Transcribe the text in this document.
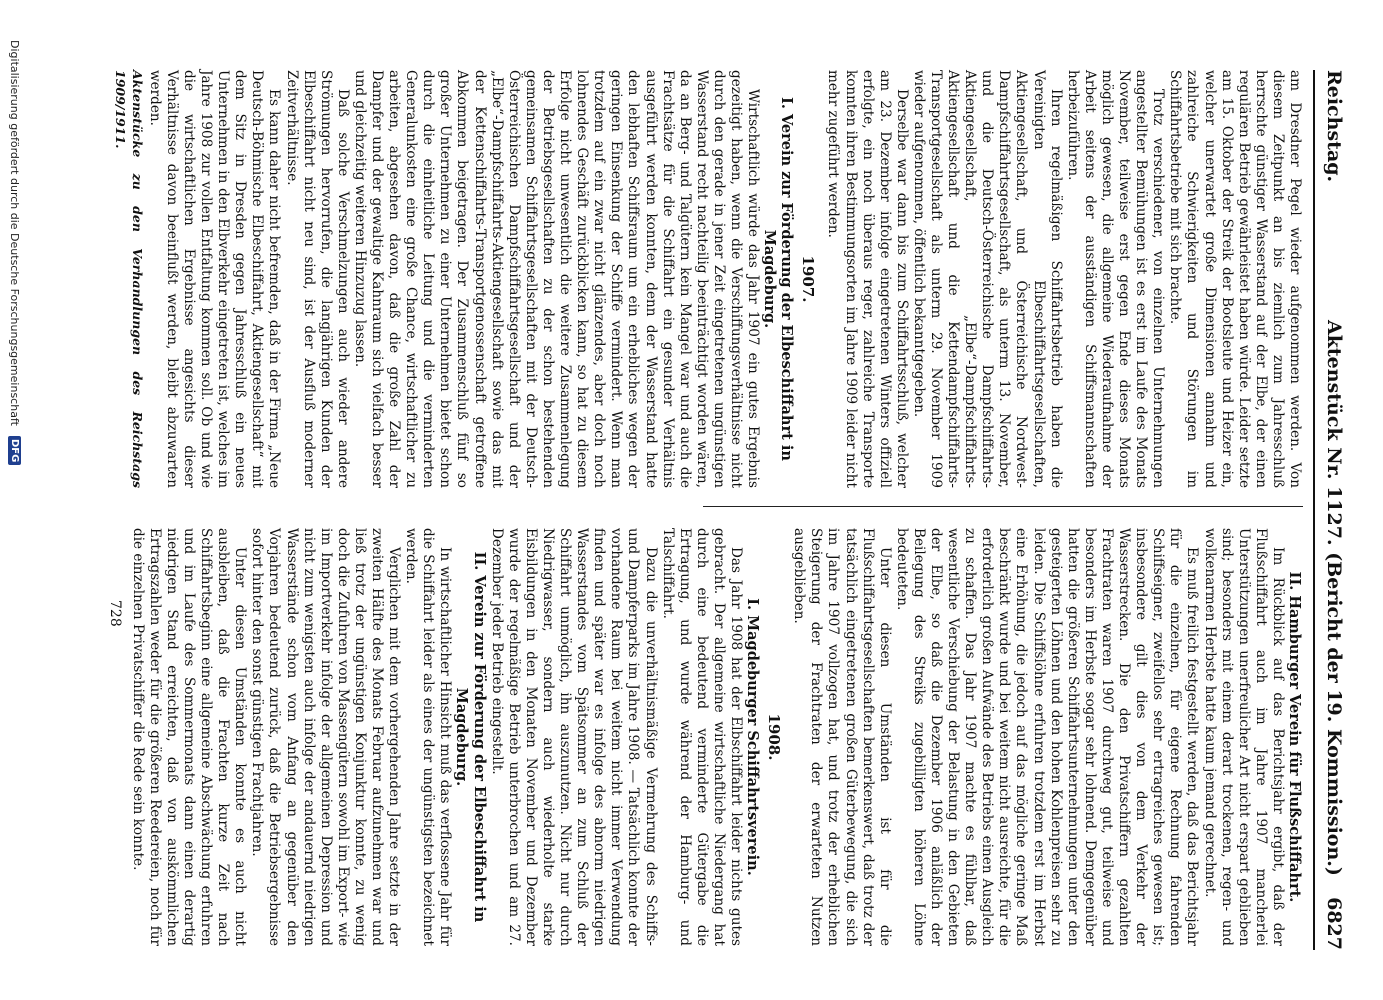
Reichstag.
Aktenstück Nr. 1127. (Bericht der 19. Kommission.)
6827

am Dresdner Pegel wieder aufgenommen werden. Von diesem Zeitpunkt an bis ziemlich zum Jahresschluß herrschte günstiger Wasserstand auf der Elbe, der einen regulären Betrieb gewährleistet haben würde. Leider setzte am 15. Oktober der Streik der Bootsleute und Heizer ein, welcher unerwartet große Dimensionen annahm und zahlreiche Schwierigkeiten und Störungen im Schiffahrtsbetriebe mit sich brachte.

Trotz verschiedener, von einzelnen Unternehmungen angestellter Bemühungen ist es erst im Laufe des Monats November, teilweise erst gegen Ende dieses Monats möglich gewesen, die allgemeine Wiederaufnahme der Arbeit seitens der ausständigen Schiffsmannschaften herbeizuführen.

Ihren regelmäßigen Schiffahrtsbetrieb haben die Vereinigten Elbeschiffahrtsgesellschaften, Aktiengesellschaft, und Österreichische Nordwest-Dampfschiffahrtsgesellschaft, als unterm 13. November, und die Deutsch-Österreichische Dampfschiffahrts-Aktiengesellschaft, „Elbe“-Dampfschiffahrts-Aktiengesellschaft und die Kettendampfschiffahrts-Transportgesellschaft als unterm 29. November 1909 wieder aufgenommen, öffentlich bekanntgegeben.

Derselbe war dann bis zum Schiffahrtsschluß, welcher am 23. Dezember infolge eingetretenen Winters offiziell erfolgte, ein noch überaus reger, zahlreiche Transporte konnten ihren Bestimmungsorten im Jahre 1909 leider nicht mehr zugeführt werden.

1907.

I. Verein zur Förderung der Elbeschiffahrt in Magdeburg.

Wirtschaftlich würde das Jahr 1907 ein gutes Ergebnis gezeitigt haben, wenn die Verschiffungsverhältnisse nicht durch den gerade in jener Zeit eingetretenen ungünstigen Wasserstand recht nachteilig beeinträchtigt worden wären, da an Berg- und Talgütern kein Mangel war und auch die Frachtsätze für die Schiffahrt ein gesunder Verhältnis ausgeführt werden konnten, denn der Wasserstand hatte den lebhaften Schiffsraum um ein erhebliches wegen der geringen Einsenkung der Schiffe vermindert. Wenn man trotzdem auf ein zwar nicht glänzendes, aber doch noch lohnendes Geschäft zurückblicken kann, so hat zu diesem Erfolge nicht unwesentlich die weitere Zusammenlegung der Betriebsgesellschaften zu der schon bestehenden gemeinsamen Schiffahrtsgesellschaften mit der Deutsch-Österreichischen Dampfschiffahrtsgesellschaft und der „Elbe“-Dampfschiffahrts-Aktiengesellschaft sowie das mit der Kettenschiffahrts-Transportgenossenschaft getroffene Abkommen beigetragen. Der Zusammenschluß fünf so großer Unternehmen zu einer Unternehmen bietet schon durch die einheitliche Leitung und die verminderten Generalunkosten eine große Chance, wirtschaftlicher zu arbeiten, abgesehen davon, daß die große Zahl der Dampfer und der gewaltige Kahnraum sich vielfach besser und gleichzeitig weiteren Hinzuzug lassen.

Daß solche Verschmelzungen auch wieder andere Strömungen hervorrufen, die langjährigen Kunden der Elbeschiffahrt nicht neu sind, ist der Ausfluß moderner Zeitverhältnisse.

Es kann daher nicht befremden, daß in der Firma „Neue Deutsch-Böhmische Elbeschiffahrt, Aktiengesellschaft“ mit dem Sitz in Dresden gegen Jahresschluß ein neues Unternehmen in den Elbverkehr eingetreten ist, welches im Jahre 1908 zur vollen Entfaltung kommen soll. Ob und wie die wirtschaftlichen Ergebnisse angesichts dieser Verhältnisse davon beeinflußt werden, bleibt abzuwarten werden.

Aktenstücke zu den Verhandlungen des Reichstags 1909/1911.

II. Hamburger Verein für Flußschiffahrt.

Im Rückblick auf das Berichtsjahr ergibt, daß der Flußschiffahrt auch im Jahre 1907 mancherlei Unterstützungen unerfreulicher Art nicht erspart geblieben sind; besonders mit einem derart trockenen, regen- und wolkenarmen Herbste hatte kaum jemand gerechnet.

Es muß freilich festgestellt werden, daß das Berichtsjahr für die einzelnen, für eigene Rechnung fahrenden Schiffseigner, zweifellos sehr ertragreiches gewesen ist; insbesondere gilt dies von dem Verkehr der Wasserstrecken. Die den Privatschiffern gezahlten Frachtraten waren 1907 durchweg gut, teilweise und besonders im Herbste sogar sehr lohnend. Demgegenüber hatten die größeren Schiffahrtsunternehmungen unter den gesteigerten Löhnen und den hohen Kohlenpreisen sehr zu leiden. Die Schiffslöhne erfuhren trotzdem erst im Herbst eine Erhöhung, die jedoch auf das mögliche geringe Maß beschränkt wurde und bei weitem nicht ausreichte, für die erforderlich großen Aufwände des Betriebs einen Ausgleich zu schaffen. Das Jahr 1907 machte es fühlbar, daß wesentliche Verschiebung der Belastung in den Gebieten der Elbe, so daß die Dezember 1906 anläßlich der Beilegung des Streiks zugebilligten höheren Löhne bedeuteten.

Unter diesen Umständen ist für die Flußschiffahrtsgesellschaften bemerkenswert, daß trotz der tatsächlich eingetretenen großen Güterbewegung, die sich im Jahre 1907 vollzogen hat, und trotz der erheblichen Steigerung der Frachtraten der erwarteten Nutzen ausgeblieben.

1908.

I. Magdeburger Schiffahrtsverein.

Das Jahr 1908 hat der Elbschiffahrt leider nichts gutes gebracht. Der allgemeine wirtschaftliche Niedergang hat durch eine bedeutend verminderte Gütergabe die Ertragung, und wurde während der Hamburg- und Talschiffahrt.

Dazu die unverhältnismäßige Vermehrung des Schiffs- und Dampferparks im Jahre 1908. — Tatsächlich konnte der vorhandene Raum bei weitem nicht immer Verwendung finden und später war es infolge des abnorm niedrigen Wasserstandes vom Spätsommer an zum Schluß der Schiffahrt unmöglich, ihn auszunutzen. Nicht nur durch Niedrigwasser, sondern auch wiederholte starke Eisbildungen in den Monaten November und Dezember wurde der regelmäßige Betrieb unterbrochen und am 27. Dezember jeder Betrieb eingestellt.

II. Verein zur Förderung der Elbeschiffahrt in Magdeburg.

In wirtschaftlicher Hinsicht muß das verflossene Jahr für die Schiffahrt leider als eines der ungünstigsten bezeichnet werden.

Verglichen mit dem vorhergehenden Jahre setzte in der zweiten Hälfte des Monats Februar aufzunehmen war und ließ trotz der ungünstigen Konjunktur konnte, zu wenig doch die Zufuhren von Massengütern sowohl im Export- wie im Importverkehr infolge der allgemeinen Depression und nicht zum wenigsten auch infolge der andauernd niedrigen Wasserstände schon vom Anfang an gegenüber den Vorjahren bedeutend zurück, daß die Betriebsergebnisse sofort hinter den sonst günstigen Frachtjahren.

Unter diesen Umständen konnte es auch nicht ausbleiben, daß die Frachten kurze Zeit nach Schiffahrtsbeginn eine allgemeine Abschwächung erfuhren und im Laufe des Sommermonats dann einen derartig niedrigen Stand erreichten, daß von auskömmlichen Ertragszahlen weder für die größeren Reedereien, noch für die einzelnen Privatschiffer die Rede sein konnte.

728
Digitalisierung gefördert durch die Deutsche Forschungsgemeinschaft
DFG
